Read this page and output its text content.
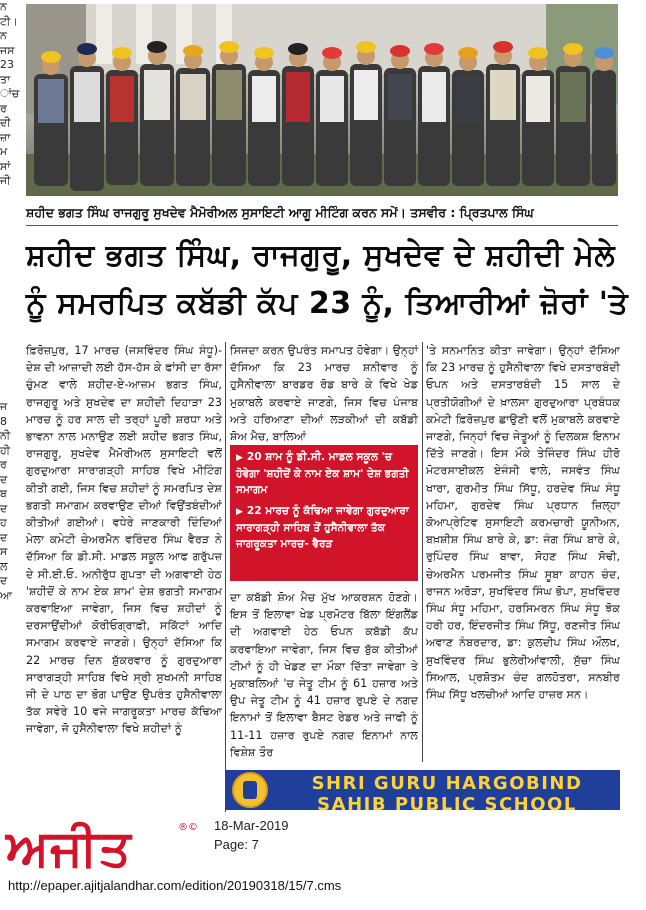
ਨ ਟੀ। ਨ ਜਸ 23 ਤਾ ਾਂਚ ਰ ਦੀ ਜ਼ਾ ਮ ਸਾਂ ਜੀ
ਜ 8 ਨੀ ਹੀ ਰ ਦ ਬ ਦ ਹ ਦ ਸ ਲ ਦ ਆ
ਸ਼ਹੀਦ ਭਗਤ ਸਿੰਘ ਰਾਜਗੁਰੂ ਸੁਖਦੇਵ ਮੈਮੋਰੀਅਲ ਸੁਸਾਇਟੀ ਆਗੂ ਮੀਟਿੰਗ ਕਰਨ ਸਮੇਂ। ਤਸਵੀਰ : ਪ੍ਰਿਤਪਾਲ ਸਿੰਘ
ਸ਼ਹੀਦ ਭਗਤ ਸਿੰਘ, ਰਾਜਗੁਰੂ, ਸੁਖਦੇਵ ਦੇ ਸ਼ਹੀਦੀ ਮੇਲੇ
ਨੂੰ ਸਮਰਪਿਤ ਕਬੱਡੀ ਕੱਪ 23 ਨੂੰ, ਤਿਆਰੀਆਂ ਜ਼ੋਰਾਂ 'ਤੇ
ਫ਼ਿਰੋਜ਼ਪੁਰ, 17 ਮਾਰਚ (ਜਸਵਿੰਦਰ ਸਿੰਘ ਸੰਧੂ)- ਦੇਸ਼ ਦੀ ਆਜ਼ਾਦੀ ਲਈ ਹੱਸ-ਹੱਸ ਕੇ ਫਾਂਸੀ ਦਾ ਰੱਸਾ ਚੁੰਮਣ ਵਾਲੇ ਸ਼ਹੀਦ-ਏ-ਆਜ਼ਮ ਭਗਤ ਸਿੰਘ, ਰਾਜਗੁਰੂ ਅਤੇ ਸੁਖਦੇਵ ਦਾ ਸ਼ਹੀਦੀ ਦਿਹਾੜਾ 23 ਮਾਰਚ ਨੂੰ ਹਰ ਸਾਲ ਦੀ ਤਰ੍ਹਾਂ ਪੂਰੀ ਸ਼ਰਧਾ ਅਤੇ ਭਾਵਨਾ ਨਾਲ ਮਨਾਉਣ ਲਈ ਸ਼ਹੀਦ ਭਗਤ ਸਿੰਘ, ਰਾਜਗੁਰੂ, ਸੁਖਦੇਵ ਮੈਮੋਰੀਅਲ ਸੁਸਾਇਟੀ ਵਲੋਂ ਗੁਰਦੁਆਰਾ ਸਾਰਾਗੜ੍ਹੀ ਸਾਹਿਬ ਵਿਖੇ ਮੀਟਿੰਗ ਕੀਤੀ ਗਈ, ਜਿਸ ਵਿਚ ਸ਼ਹੀਦਾਂ ਨੂੰ ਸਮਰਪਿਤ ਦੇਸ਼ ਭਗਤੀ ਸਮਾਗਮ ਕਰਵਾਉਣ ਦੀਆਂ ਵਿਉਂਤਬੰਦੀਆਂ ਕੀਤੀਆਂ ਗਈਆਂ। ਵਧੇਰੇ ਜਾਣਕਾਰੀ ਦਿੰਦਿਆਂ ਮੇਲਾ ਕਮੇਟੀ ਚੇਅਰਮੈਨ ਵਰਿੰਦਰ ਸਿੰਘ ਵੈਰੜ ਨੇ ਦੱਸਿਆ ਕਿ ਡੀ.ਸੀ. ਮਾਡਲ ਸਕੂਲ ਆਫ ਗਰੁੱਪਜ਼ ਦੇ ਸੀ.ਈ.ਓ. ਅਨੀਰੁੱਧ ਗੁਪਤਾ ਦੀ ਅਗਵਾਈ ਹੇਠ 'ਸ਼ਹੀਦੋਂ ਕੇ ਨਾਮ ਏਕ ਸ਼ਾਮ' ਦੇਸ਼ ਭਗਤੀ ਸਮਾਗਮ ਕਰਵਾਇਆ ਜਾਵੇਗਾ, ਜਿਸ ਵਿਚ ਸ਼ਹੀਦਾਂ ਨੂੰ ਦਰਸਾਉਂਦੀਆਂ ਕੋਰੀਓਗ੍ਰਾਫ਼ੀ, ਸਕਿੱਟਾਂ ਆਦਿ ਸਮਾਗਮ ਕਰਵਾਏ ਜਾਣਗੇ। ਉਨ੍ਹਾਂ ਦੱਸਿਆ ਕਿ 22 ਮਾਰਚ ਦਿਨ ਸ਼ੁੱਕਰਵਾਰ ਨੂੰ ਗੁਰਦੁਆਰਾ ਸਾਰਾਗੜ੍ਹੀ ਸਾਹਿਬ ਵਿਖੇ ਸ੍ਰੀ ਸੁਖਮਨੀ ਸਾਹਿਬ ਜੀ ਦੇ ਪਾਠ ਦਾ ਭੋਗ ਪਾਉਣ ਉਪਰੰਤ ਹੁਸੈਨੀਵਾਲਾ ਤੱਕ ਸਵੇਰੇ 10 ਵਜੇ ਜਾਗਰੂਕਤਾ ਮਾਰਚ ਕੱਢਿਆ ਜਾਵੇਗਾ, ਜੋ ਹੁਸੈਨੀਵਾਲਾ ਵਿਖੇ ਸ਼ਹੀਦਾਂ ਨੂੰ
ਸਿਜਦਾ ਕਰਨ ਉਪਰੰਤ ਸਮਾਪਤ ਹੋਵੇਗਾ। ਉਨ੍ਹਾਂ ਦੱਸਿਆ ਕਿ 23 ਮਾਰਚ ਸ਼ਨੀਵਾਰ ਨੂੰ ਹੁਸੈਨੀਵਾਲਾ ਬਾਰਡਰ ਰੋਡ ਬਾਰੇ ਕੇ ਵਿਖੇ ਖੇਡ ਮੁਕਾਬਲੇ ਕਰਵਾਏ ਜਾਣਗੇ, ਜਿਸ ਵਿਚ ਪੰਜਾਬ ਅਤੇ ਹਰਿਆਣਾ ਦੀਆਂ ਲੜਕੀਆਂ ਦੀ ਕਬੱਡੀ ਸ਼ੋਅ ਮੈਚ, ਬਾਲਿਆਂ

▶ 20 ਸ਼ਾਮ ਨੂੰ ਡੀ.ਸੀ. ਮਾਡਲ ਸਕੂਲ 'ਚ ਹੋਵੇਗਾ 'ਸ਼ਹੀਦੋਂ ਕੇ ਨਾਮ ਏਕ ਸ਼ਾਮ' ਦੇਸ਼ ਭਗਤੀ ਸਮਾਗਮ

▶ 22 ਮਾਰਚ ਨੂੰ ਕੱਢਿਆ ਜਾਵੇਗਾ ਗੁਰਦੁਆਰਾ ਸਾਰਾਗੜ੍ਹੀ ਸਾਹਿਬ ਤੋਂ ਹੁਸੈਨੀਵਾਲਾ ਤੱਕ ਜਾਗਰੂਕਤਾ ਮਾਰਚ- ਵੈਰੜ

ਦਾ ਕਬੱਡੀ ਸ਼ੋਅ ਮੈਚ ਮੁੱਖ ਆਕਰਸ਼ਨ ਹੋਣਗੇ। ਇਸ ਤੋਂ ਇਲਾਵਾ ਖੇਡ ਪ੍ਰਮੋਟਰ ਬਿੱਲਾ ਇੰਗਲੈਂਡ ਦੀ ਅਗਵਾਈ ਹੇਠ ਓਪਨ ਕਬੱਡੀ ਕੱਪ ਕਰਵਾਇਆ ਜਾਵੇਗਾ, ਜਿਸ ਵਿਚ ਬੁੱਕ ਕੀਤੀਆਂ ਟੀਮਾਂ ਨੂੰ ਹੀ ਖੇਡਣ ਦਾ ਮੌਕਾ ਦਿੱਤਾ ਜਾਵੇਗਾ ਤੇ ਮੁਕਾਬਲਿਆਂ 'ਚ ਜੇਤੂ ਟੀਮ ਨੂੰ 61 ਹਜ਼ਾਰ ਅਤੇ ਉਪ ਜੇਤੂ ਟੀਮ ਨੂੰ 41 ਹਜ਼ਾਰ ਰੁਪਏ ਦੇ ਨਗਦ ਇਨਾਮਾਂ ਤੋਂ ਇਲਾਵਾ ਬੈਸਟ ਰੇਡਰ ਅਤੇ ਜਾਫੀ ਨੂੰ 11-11 ਹਜ਼ਾਰ ਰੁਪਏ ਨਗਦ ਇਨਾਮਾਂ ਨਾਲ ਵਿਸ਼ੇਸ਼ ਤੌਰ
'ਤੇ ਸਨਮਾਨਿਤ ਕੀਤਾ ਜਾਵੇਗਾ। ਉਨ੍ਹਾਂ ਦੱਸਿਆ ਕਿ 23 ਮਾਰਚ ਨੂੰ ਹੁਸੈਨੀਵਾਲਾ ਵਿਖੇ ਦਸਤਾਰਬੰਦੀ ਓਪਨ ਅਤੇ ਦਸਤਾਰਬੰਦੀ 15 ਸਾਲ ਦੇ ਪ੍ਰਤੀਯੋਗੀਆਂ ਦੇ ਖ਼ਾਲਸਾ ਗੁਰਦੁਆਰਾ ਪ੍ਰਬੰਧਕ ਕਮੇਟੀ ਫ਼ਿਰੋਜ਼ਪੁਰ ਛਾਉਣੀ ਵਲੋਂ ਮੁਕਾਬਲੇ ਕਰਵਾਏ ਜਾਣਗੇ, ਜਿਨ੍ਹਾਂ ਵਿਚ ਜੇਤੂਆਂ ਨੂੰ ਦਿਲਕਸ਼ ਇਨਾਮ ਦਿੱਤੇ ਜਾਣਗੇ। ਇਸ ਮੌਕੇ ਤੇਜਿੰਦਰ ਸਿੰਘ ਹੀਰੋ ਮੋਟਰਸਾਈਕਲ ਏਜੰਸੀ ਵਾਲੇ, ਜਸਵੰਤ ਸਿੰਘ ਖਾਰਾ, ਗੁਰਮੀਤ ਸਿੰਘ ਸਿੱਧੂ, ਹਰਦੇਵ ਸਿੰਘ ਸੰਧੂ ਮਹਿਮਾ, ਗੁਰਦੇਵ ਸਿੰਘ ਪ੍ਰਧਾਨ ਜ਼ਿਲ੍ਹਾ ਕੋਆਪ੍ਰੇਟਿਵ ਸੁਸਾਇਟੀ ਕਰਮਚਾਰੀ ਯੂਨੀਅਨ, ਬਖ਼ਸ਼ੀਸ਼ ਸਿੰਘ ਬਾਰੇ ਕੇ, ਡਾ: ਜੰਗ ਸਿੰਘ ਬਾਰੇ ਕੇ, ਰੁਪਿੰਦਰ ਸਿੰਘ ਬਾਵਾ, ਸੋਹਣ ਸਿੰਘ ਸੋਢੀ, ਚੇਅਰਮੈਨ ਪਰਮਜੀਤ ਸਿੰਘ ਸੂਬਾ ਕਾਹਨ ਚੰਦ, ਰਾਜਨ ਅਰੋੜਾ, ਸੁਖਵਿੰਦਰ ਸਿੰਘ ਭੋਪਾ, ਸੁਖਵਿੰਦਰ ਸਿੰਘ ਸੰਧੂ ਮਹਿਮਾ, ਹਰਸਿਮਰਨ ਸਿੰਘ ਸੰਧੂ ਝੋਕ ਹਰੀ ਹਰ, ਇੰਦਰਜੀਤ ਸਿੰਘ ਸਿੱਧੂ, ਰਣਜੀਤ ਸਿੰਘ ਅਵਾਣ ਨੰਬਰਦਾਰ, ਡਾ: ਕੁਲਦੀਪ ਸਿੰਘ ਔਲਖ, ਸੁਖਵਿੰਦਰ ਸਿੰਘ ਭੁਲੇਰੀਆਂਵਾਲੀ, ਸੁੱਚਾ ਸਿੰਘ ਸਿਆਲ, ਪ੍ਰਸ਼ੋਤਮ ਚੰਦ ਗਲਹੋਤਰਾ, ਸਨਬੀਰ ਸਿੰਘ ਸਿੱਧੂ ਖਲਚੀਆਂ ਆਦਿ ਹਾਜ਼ਰ ਸਨ।
SHRI GURU HARGOBIND
SAHIB PUBLIC SCHOOL
ਅਜੀਤ	®© 18-Mar-2019
Page: 7
http://epaper.ajitjalandhar.com/edition/20190318/15/7.cms
